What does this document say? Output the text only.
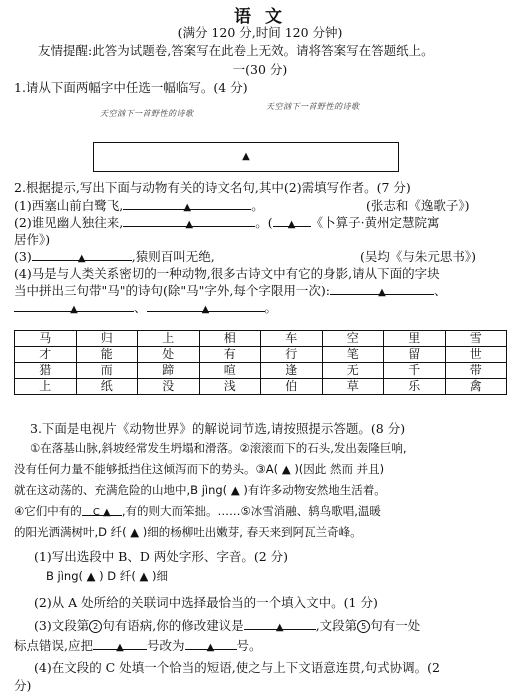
语 文
(满分 120 分,时间 120 分钟)
友情提醒:此答为试题卷,答案写在此卷上无效。请将答案写在答题纸上。
一(30 分)
1.请从下面两幅字中任选一幅临写。(4 分)
天空汹下一首野性的诗歌
天空汹下一首野性的诗歌
▲
2.根据提示,写出下面与动物有关的诗文名句,其中(2)需填写作者。(7 分)
(1)西塞山前白鹭飞,	▲	。	(张志和《逸歌子》)
(2)谁见幽人独往来,	▲	。( ▲ 《卜算子·黄州定慧院寓
居作》)
(3)	▲	,猿则百叫无绝,	(吴均《与朱元思书》)
(4)马是与人类关系密切的一种动物,很多古诗文中有它的身影,请从下面的字块
当中拼出三句带"马"的诗句(除"马"字外,每个字限用一次):	▲	、
▲	、	▲	。
马	归	上	相	车	空	里	雪
才	能	处	有	行	笔	留	世
猎	而	蹄	喧	逢	无	千	带
上	纸	没	浅	伯	草	乐	禽
3.下面是电视片《动物世界》的解说词节选,请按照提示答题。(8 分)
①在落基山脉,斜坡经常发生坍塌和滑落。②滚滚而下的石头,发出轰隆巨响,
没有任何力量不能够抵挡住这倾泻而下的势头。③A( ▲ )(因此 然而 并且)
就在这动荡的、充满危险的山地中,B jìng( ▲ )有许多动物安然地生活着。
④它们中有的 C ▲ ,有的则大而笨拙。……⑤冰雪消融、鸫鸟歌唱,温暖
的阳光洒满树叶,D 纤( ▲ )细的杨柳吐出嫩芽, 春天来到阿瓦兰奇峰。
(1)写出选段中 B、D 两处字形、字音。(2 分)
B jìng( ▲ ) D 纤( ▲ )细
(2)从 A 处所给的关联词中选择最恰当的一个填入文中。(1 分)
(3)文段第 2 句有语病,你的修改建议是	▲	,文段第 5 句有一处
标点错误,应把 ▲ 号改为 ▲ 号。
(4)在文段的 C 处填一个恰当的短语,使之与上下文语意连贯,句式协调。(2
分)
